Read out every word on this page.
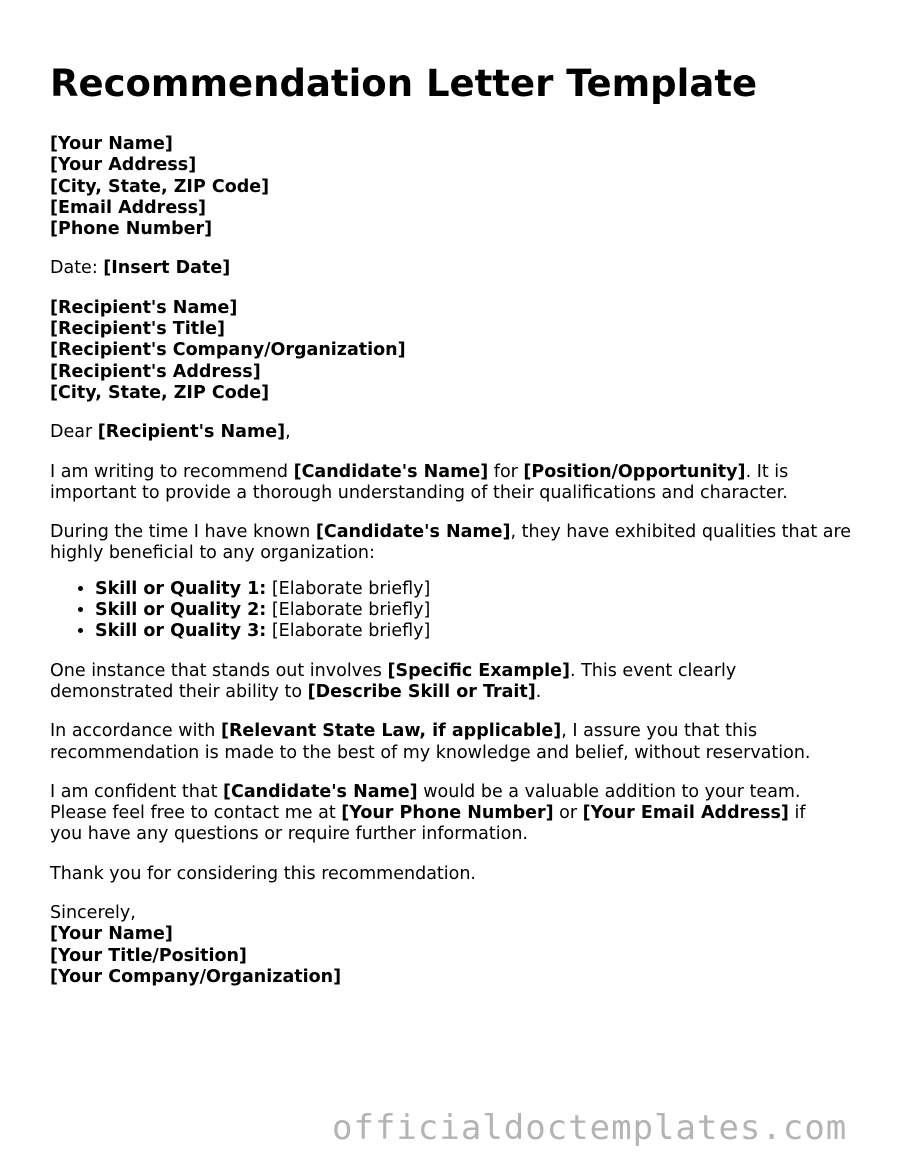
Recommendation Letter Template
[Your Name]
[Your Address]
[City, State, ZIP Code]
[Email Address]
[Phone Number]
Date: [Insert Date]
[Recipient's Name]
[Recipient's Title]
[Recipient's Company/Organization]
[Recipient's Address]
[City, State, ZIP Code]
Dear [Recipient's Name],
I am writing to recommend [Candidate's Name] for [Position/Opportunity]. It is
important to provide a thorough understanding of their qualifications and character.
During the time I have known [Candidate's Name], they have exhibited qualities that are
highly beneficial to any organization:
• Skill or Quality 1: [Elaborate briefly]
• Skill or Quality 2: [Elaborate briefly]
• Skill or Quality 3: [Elaborate briefly]
One instance that stands out involves [Specific Example]. This event clearly
demonstrated their ability to [Describe Skill or Trait].
In accordance with [Relevant State Law, if applicable], I assure you that this
recommendation is made to the best of my knowledge and belief, without reservation.
I am confident that [Candidate's Name] would be a valuable addition to your team.
Please feel free to contact me at [Your Phone Number] or [Your Email Address] if
you have any questions or require further information.
Thank you for considering this recommendation.
Sincerely,
[Your Name]
[Your Title/Position]
[Your Company/Organization]
officialdoctemplates.com
